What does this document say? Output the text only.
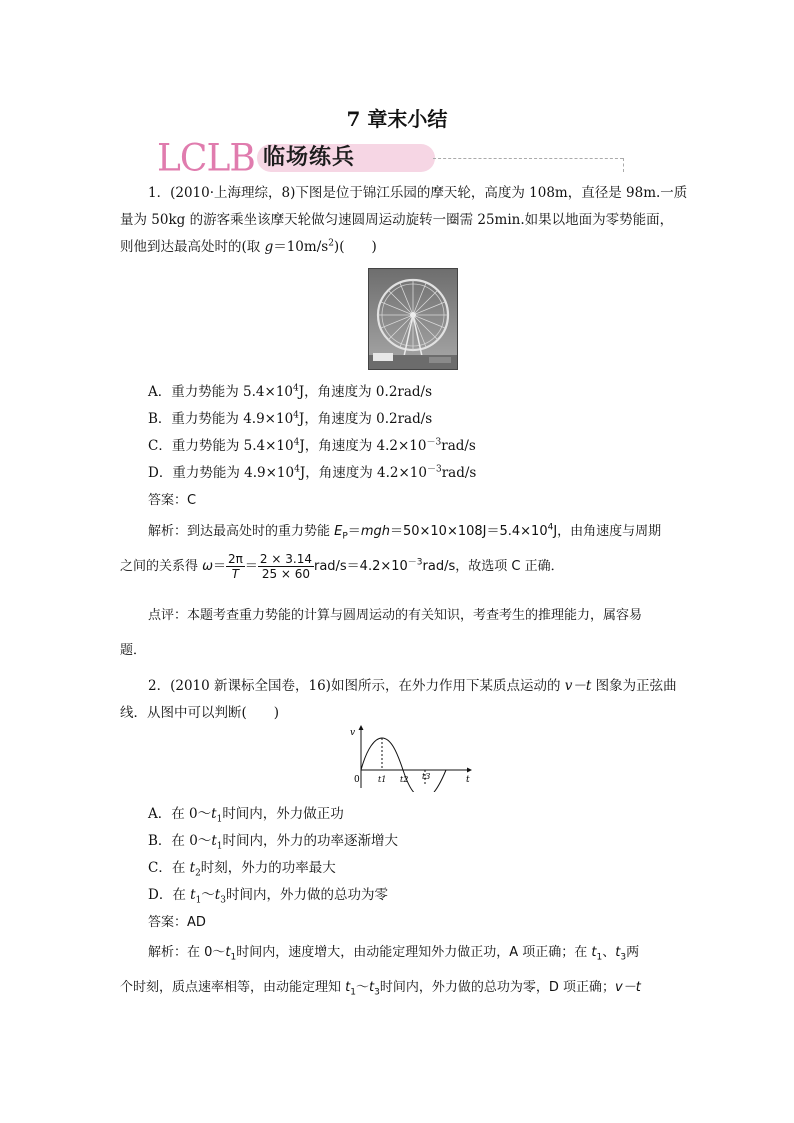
7 章末小结
LCLB 临场练兵
1．(2010·上海理综，8)下图是位于锦江乐园的摩天轮，高度为 108m，直径是 98m.一质
量为 50kg 的游客乘坐该摩天轮做匀速圆周运动旋转一圈需 25min.如果以地面为零势能面，
则他到达最高处时的(取 $g=10m/s^2$)(　　)
A．重力势能为 $5.4\times 10^4J$，角速度为 0.2rad/s
B．重力势能为 $4.9\times 10^4J$，角速度为 0.2rad/s
C．重力势能为 $5.4\times 10^4J$，角速度为 $4.2\times 10^{-3}rad/s$
D．重力势能为 $4.9\times 10^4J$，角速度为 $4.2\times 10^{-3}rad/s$
答案：C
解析：到达最高处时的重力势能 $E_P=mgh=50\times 10\times 108J=5.4\times 10^4J$，由角速度与周期
之间的关系得 $\omega= \frac{2\pi}{T} = \frac{2 \times 3.14}{25 \times 60} rad/s=4.2\times 10^{-3}rad/s$，故选项 C 正确．
点评：本题考查重力势能的计算与圆周运动的有关知识，考查考生的推理能力，属容易
题．
2．(2010 新课标全国卷，16)如图所示，在外力作用下某质点运动的 v－t 图象为正弦曲
线．从图中可以判断(　　)
v
t
0 t1 t2 t3
A．在 $0\sim t_1$时间内，外力做正功
B．在 $0\sim t_1$时间内，外力的功率逐渐增大
C．在 $t_2$时刻，外力的功率最大
D．在 $t_1\sim t_3$时间内，外力做的总功为零
答案：AD
解析：在 $0\sim t_1$时间内，速度增大，由动能定理知外力做正功，A 项正确；在 $t_1$、$t_3$两
个时刻，质点速率相等，由动能定理知 $t_1\sim t_3$时间内，外力做的总功为零，D 项正确；v－t
